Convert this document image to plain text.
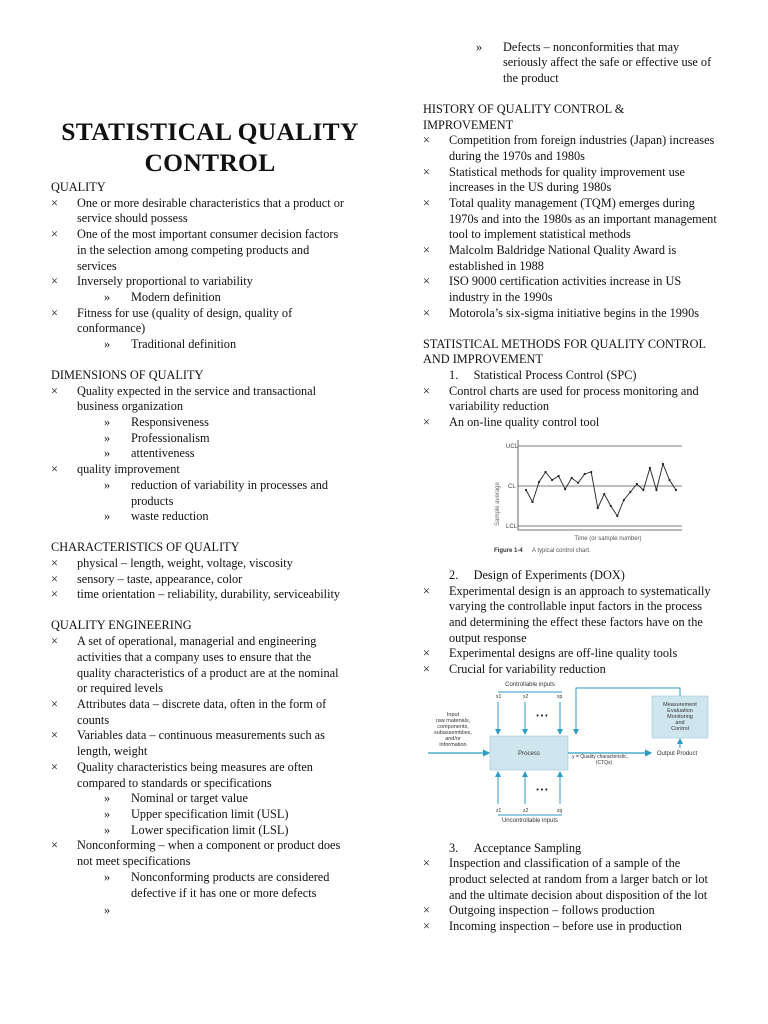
STATISTICAL QUALITY
CONTROL
QUALITY
× One or more desirable characteristics that a product or
service should possess
× One of the most important consumer decision factors
in the selection among competing products and
services
× Inversely proportional to variability
» Modern definition
× Fitness for use (quality of design, quality of
conformance)
» Traditional definition
DIMENSIONS OF QUALITY
× Quality expected in the service and transactional
business organization
» Responsiveness
» Professionalism
» attentiveness
× quality improvement
» reduction of variability in processes and
products
» waste reduction
CHARACTERISTICS OF QUALITY
× physical – length, weight, voltage, viscosity
× sensory – taste, appearance, color
× time orientation – reliability, durability, serviceability
QUALITY ENGINEERING
× A set of operational, managerial and engineering
activities that a company uses to ensure that the
quality characteristics of a product are at the nominal
or required levels
× Attributes data – discrete data, often in the form of
counts
× Variables data – continuous measurements such as
length, weight
× Quality characteristics being measures are often
compared to standards or specifications
» Nominal or target value
» Upper specification limit (USL)
» Lower specification limit (LSL)
× Nonconforming – when a component or product does
not meet specifications
» Nonconforming products are considered
defective if it has one or more defects
»
» Defects – nonconformities that may
seriously affect the safe or effective use of
the product
HISTORY OF QUALITY CONTROL &
IMPROVEMENT
× Competition from foreign industries (Japan) increases
during the 1970s and 1980s
× Statistical methods for quality improvement use
increases in the US during 1980s
× Total quality management (TQM) emerges during
1970s and into the 1980s as an important management
tool to implement statistical methods
× Malcolm Baldridge National Quality Award is
established in 1988
× ISO 9000 certification activities increase in US
industry in the 1990s
× Motorola’s six-sigma initiative begins in the 1990s
STATISTICAL METHODS FOR QUALITY CONTROL
AND IMPROVEMENT
1.     Statistical Process Control (SPC)
× Control charts are used for process monitoring and
variability reduction
× An on-line quality control tool
Sample average
UCL
CL
LCL
Time (or sample number)
Figure 1-4 A typical control chart.
2.     Design of Experiments (DOX)
× Experimental design is an approach to systematically
varying the controllable input factors in the process
and determining the effect these factors have on the
output response
× Experimental designs are off-line quality tools
× Crucial for variability reduction
Controllable inputs
x1	x2	xp
• • •
Input
raw materials,
components,
subassemblies,
and/or
information
Process	y = Quality characteristic,
(CTQs)
Output Product
Measurement
Evaluation
Monitoring
and
Control
• • •
z1	z2	zq
Uncontrollable inputs
3.     Acceptance Sampling
× Inspection and classification of a sample of the
product selected at random from a larger batch or lot
and the ultimate decision about disposition of the lot
× Outgoing inspection – follows production
× Incoming inspection – before use in production
